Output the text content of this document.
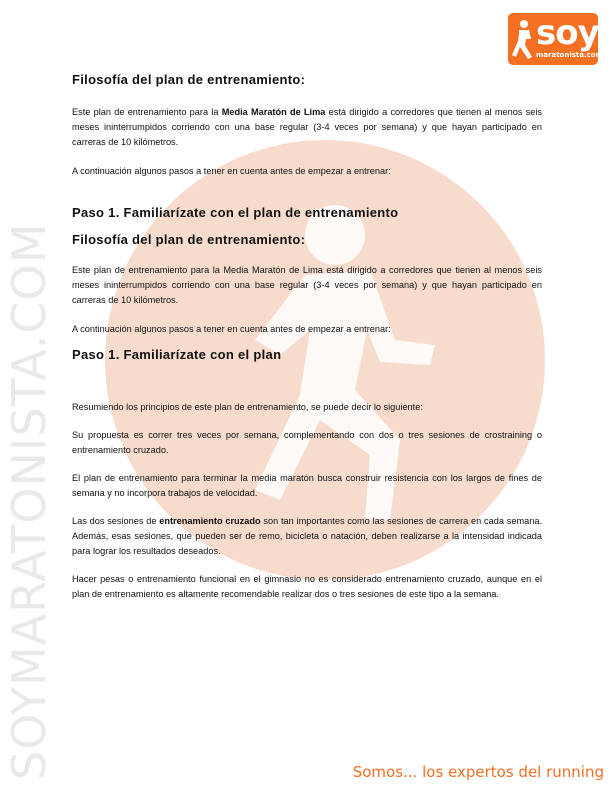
SOYMARATONISTA.COM
soy
maratonista.com
Filosofía del plan de entrenamiento:

Este plan de entrenamiento para la Media Maratón de Lima está dirigido a corredores que tienen al menos seis meses ininterrumpidos corriendo con una base regular (3-4 veces por semana) y que hayan participado en carreras de 10 kilómetros.

A continuación algunos pasos a tener en cuenta antes de empezar a entrenar:

Paso 1. Familiarízate con el plan de entrenamiento
Filosofía del plan de entrenamiento:

Este plan de entrenamiento para la Media Maratón de Lima está dirigido a corredores que tienen al menos seis meses ininterrumpidos corriendo con una base regular (3-4 veces por semana) y que hayan participado en carreras de 10 kilómetros.

A continuación algunos pasos a tener en cuenta antes de empezar a entrenar:

Paso 1. Familiarízate con el plan

Resumiendo los principios de este plan de entrenamiento, se puede decir lo siguiente:

Su propuesta es correr tres veces por semana, complementando con dos o tres sesiones de crostraining o entrenamiento cruzado.

El plan de entrenamiento para terminar la media maratón busca construir resistencia con los largos de fines de semana y no incorpora trabajos de velocidad.

Las dos sesiones de entrenamiento cruzado son tan importantes como las sesiones de carrera en cada semana. Además, esas sesiones, que pueden ser de remo, bicicleta o natación, deben realizarse a la intensidad indicada para lograr los resultados deseados.

Hacer pesas o entrenamiento funcional en el gimnasio no es considerado entrenamiento cruzado, aunque en el plan de entrenamiento es altamente recomendable realizar dos o tres sesiones de este tipo a la semana.

Somos... los expertos del running
